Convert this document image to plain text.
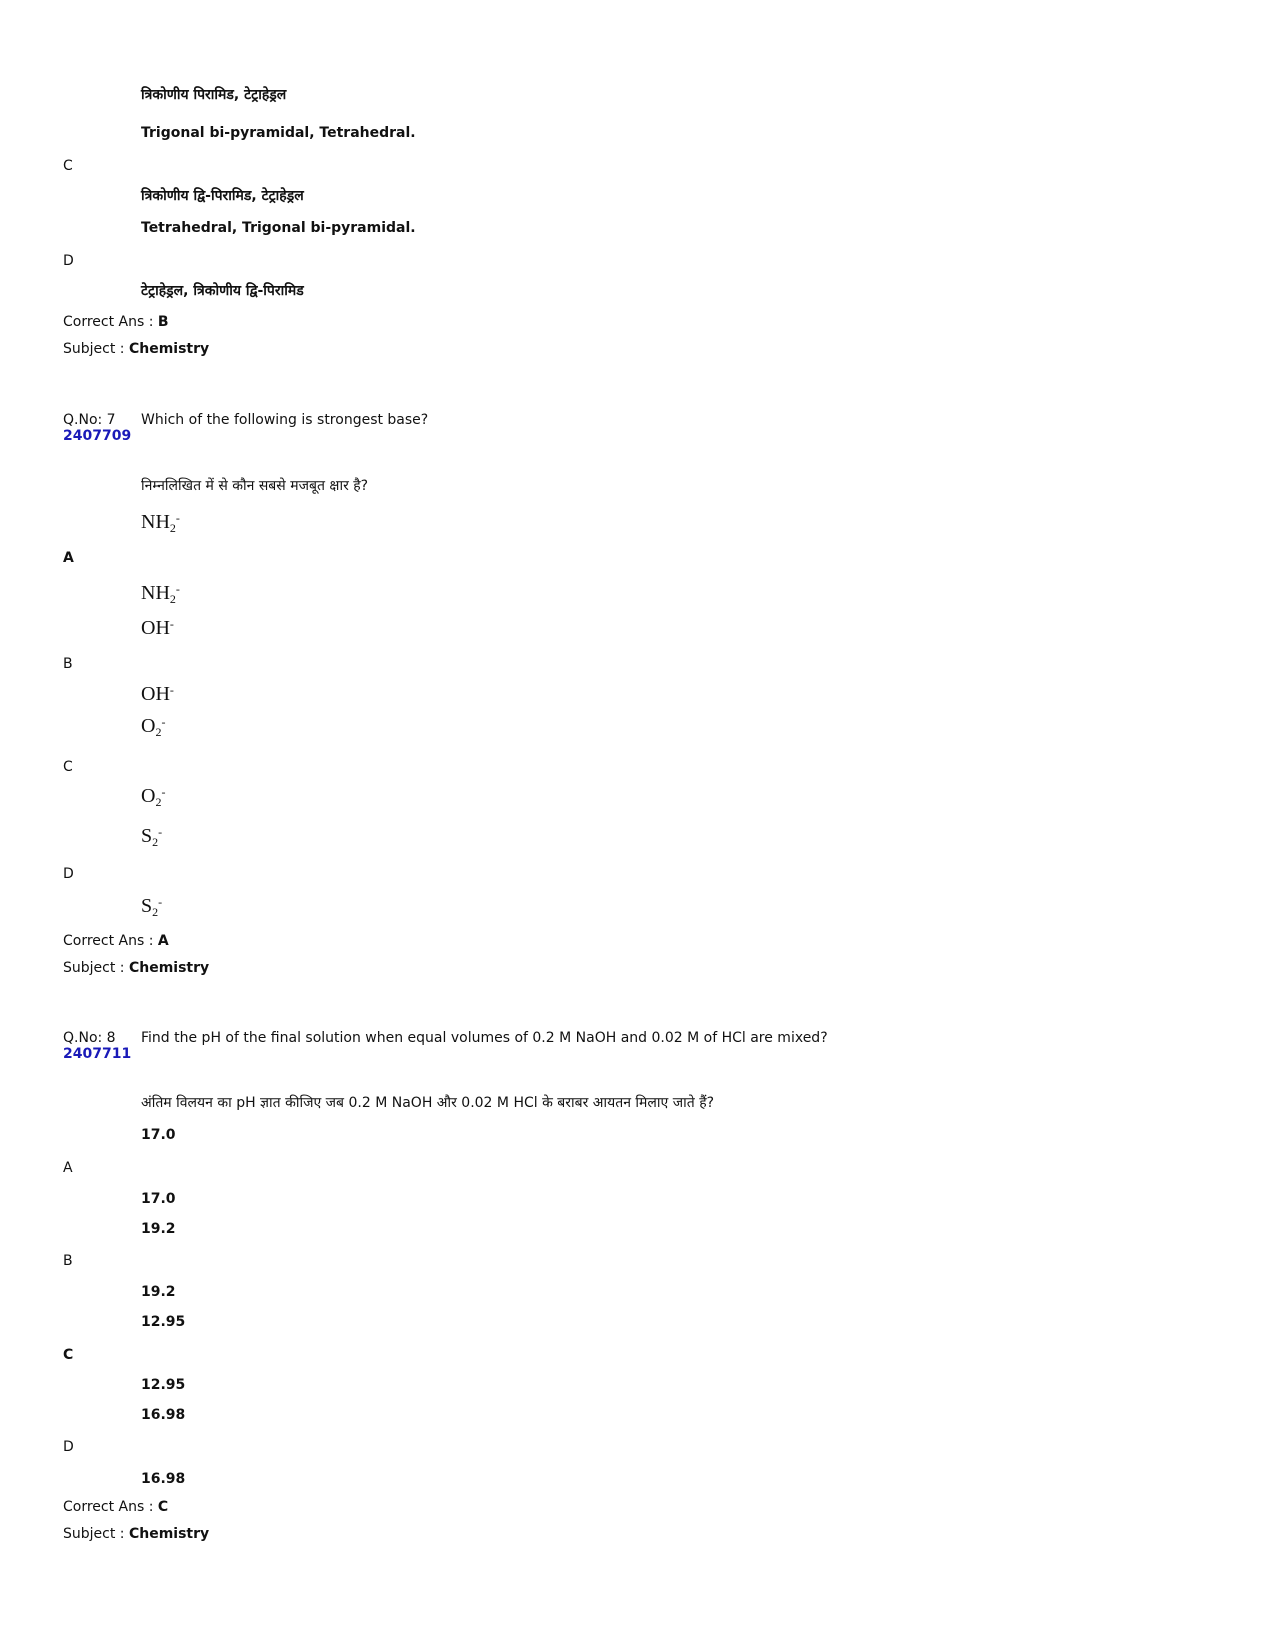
त्रिकोणीय पिरामिड, टेट्राहेड्रल
Trigonal bi-pyramidal, Tetrahedral.
C
त्रिकोणीय द्वि-पिरामिड, टेट्राहेड्रल
Tetrahedral, Trigonal bi-pyramidal.
D
टेट्राहेड्रल, त्रिकोणीय द्वि-पिरामिड
Correct Ans : B
Subject : Chemistry
Q.No: 7
2407709
Which of the following is strongest base?
निम्नलिखित में से कौन सबसे मजबूत क्षार है?
$NH_2^-$
A
$NH_2^-$
OH-
B
OH-
$O_2^-$
C
$O_2^-$
$S_2^-$
D
$S_2^-$
Correct Ans : A
Subject : Chemistry
Q.No: 8
2407711
Find the pH of the final solution when equal volumes of 0.2 M NaOH and 0.02 M of HCl are mixed?
अंतिम विलयन का pH ज्ञात कीजिए जब 0.2 M NaOH और 0.02 M HCl के बराबर आयतन मिलाए जाते हैं?
17.0
A
17.0
19.2
B
19.2
12.95
C
12.95
16.98
D
16.98
Correct Ans : C
Subject : Chemistry
